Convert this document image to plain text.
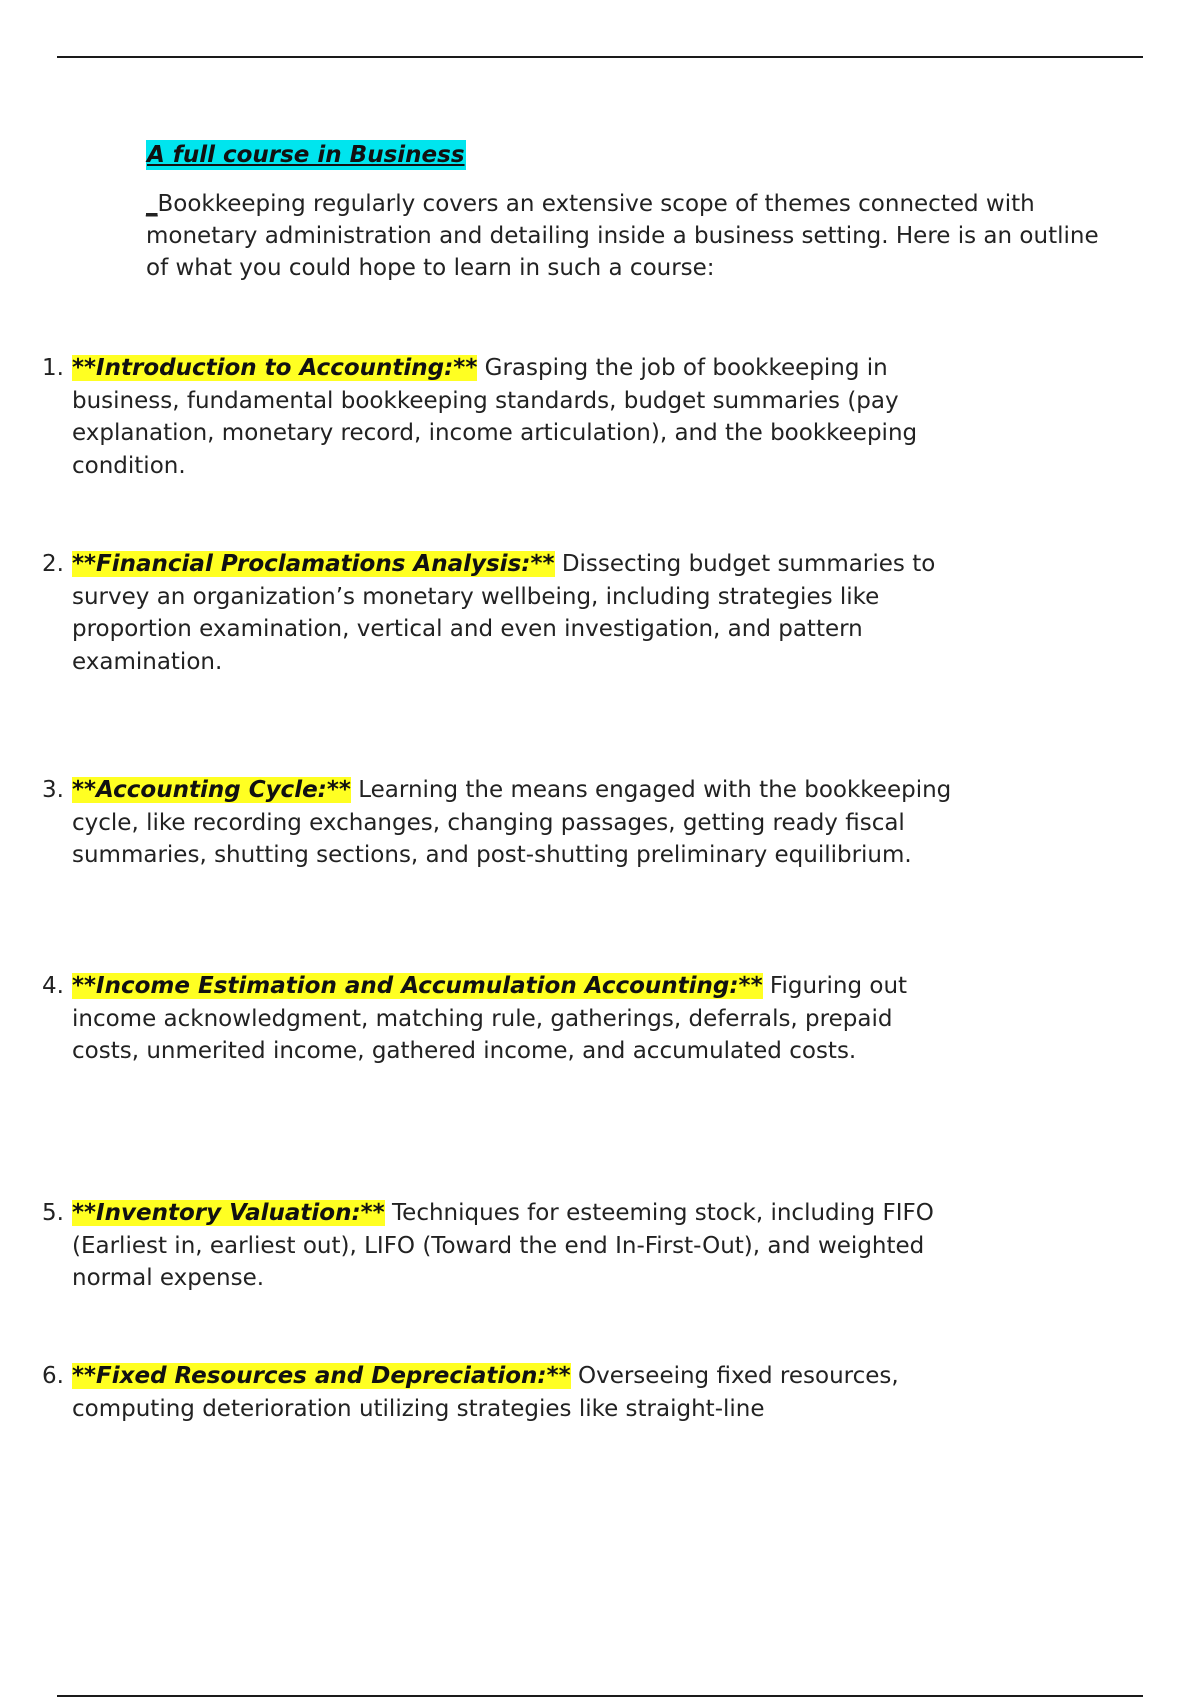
A full course in Business

_Bookkeeping regularly covers an extensive scope of themes connected with monetary administration and detailing inside a business setting. Here is an outline of what you could hope to learn in such a course:

1. **Introduction to Accounting:** Grasping the job of bookkeeping in business, fundamental bookkeeping standards, budget summaries (pay explanation, monetary record, income articulation), and the bookkeeping condition.
2. **Financial Proclamations Analysis:** Dissecting budget summaries to survey an organization’s monetary wellbeing, including strategies like proportion examination, vertical and even investigation, and pattern examination.
3. **Accounting Cycle:** Learning the means engaged with the bookkeeping cycle, like recording exchanges, changing passages, getting ready fiscal summaries, shutting sections, and post-shutting preliminary equilibrium.
4. **Income Estimation and Accumulation Accounting:** Figuring out income acknowledgment, matching rule, gatherings, deferrals, prepaid costs, unmerited income, gathered income, and accumulated costs.
5. **Inventory Valuation:** Techniques for esteeming stock, including FIFO (Earliest in, earliest out), LIFO (Toward the end In-First-Out), and weighted normal expense.
6. **Fixed Resources and Depreciation:** Overseeing fixed resources, computing deterioration utilizing strategies like straight-line
